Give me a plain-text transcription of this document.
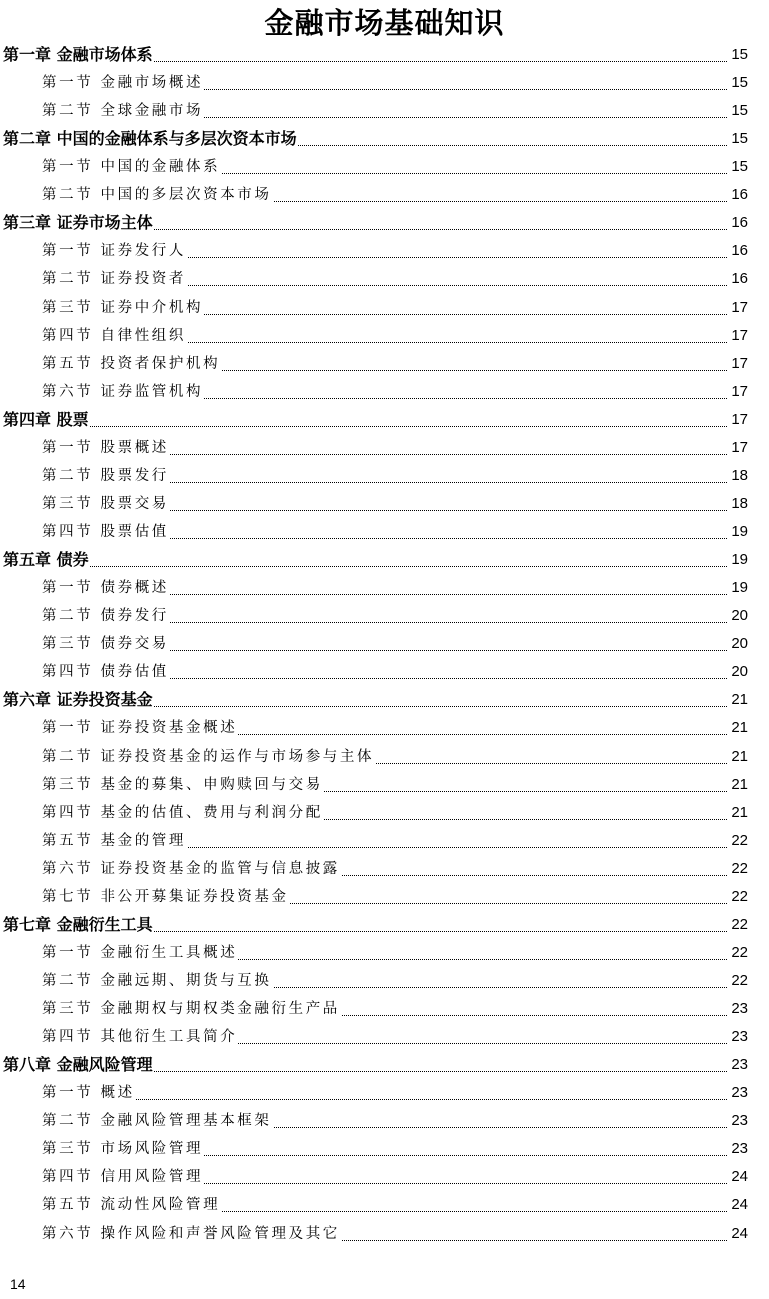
金融市场基础知识
第一章 金融市场体系	15
第一节 金融市场概述	15
第二节 全球金融市场	15
第二章 中国的金融体系与多层次资本市场	15
第一节 中国的金融体系	15
第二节 中国的多层次资本市场	16
第三章 证券市场主体	16
第一节 证券发行人	16
第二节 证券投资者	16
第三节 证券中介机构	17
第四节 自律性组织	17
第五节 投资者保护机构	17
第六节 证券监管机构	17
第四章 股票	17
第一节 股票概述	17
第二节 股票发行	18
第三节 股票交易	18
第四节 股票估值	19
第五章 债券	19
第一节 债券概述	19
第二节 债券发行	20
第三节 债券交易	20
第四节 债券估值	20
第六章 证券投资基金	21
第一节 证券投资基金概述	21
第二节 证券投资基金的运作与市场参与主体	21
第三节 基金的募集、申购赎回与交易	21
第四节 基金的估值、费用与利润分配	21
第五节 基金的管理	22
第六节 证券投资基金的监管与信息披露	22
第七节 非公开募集证券投资基金	22
第七章 金融衍生工具	22
第一节 金融衍生工具概述	22
第二节 金融远期、期货与互换	22
第三节 金融期权与期权类金融衍生产品	23
第四节 其他衍生工具简介	23
第八章 金融风险管理	23
第一节 概述	23
第二节 金融风险管理基本框架	23
第三节 市场风险管理	23
第四节 信用风险管理	24
第五节 流动性风险管理	24
第六节 操作风险和声誉风险管理及其它	24
14
